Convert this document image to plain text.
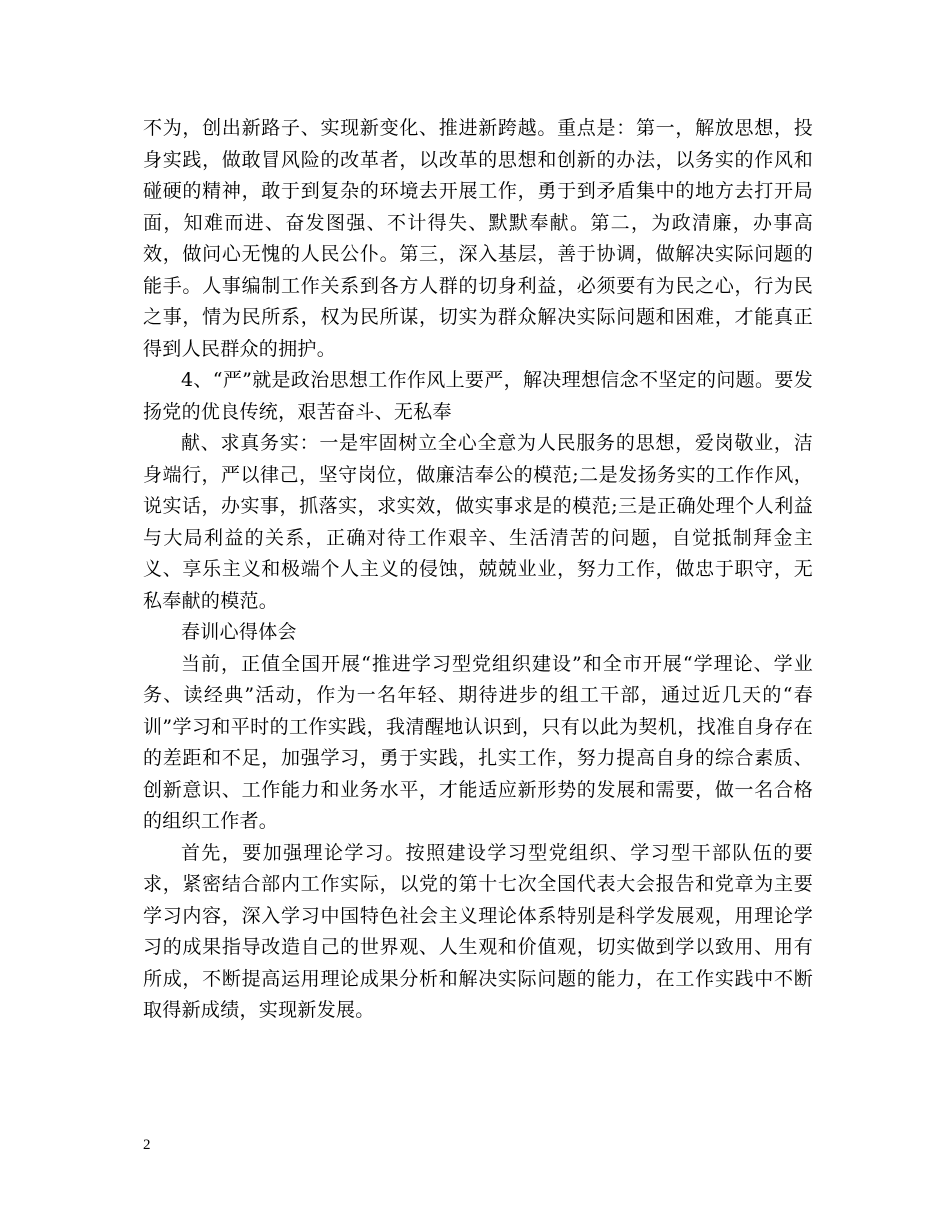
不为，创出新路子、实现新变化、推进新跨越。重点是：第一，解放思想，投身实践，做敢冒风险的改革者，以改革的思想和创新的办法，以务实的作风和碰硬的精神，敢于到复杂的环境去开展工作，勇于到矛盾集中的地方去打开局面，知难而进、奋发图强、不计得失、默默奉献。第二，为政清廉，办事高效，做问心无愧的人民公仆。第三，深入基层，善于协调，做解决实际问题的能手。人事编制工作关系到各方人群的切身利益，必须要有为民之心，行为民之事，情为民所系，权为民所谋，切实为群众解决实际问题和困难，才能真正得到人民群众的拥护。

4、“严”就是政治思想工作作风上要严，解决理想信念不坚定的问题。要发扬党的优良传统，艰苦奋斗、无私奉

献、求真务实：一是牢固树立全心全意为人民服务的思想，爱岗敬业，洁身端行，严以律己，坚守岗位，做廉洁奉公的模范;二是发扬务实的工作作风，说实话，办实事，抓落实，求实效，做实事求是的模范;三是正确处理个人利益与大局利益的关系，正确对待工作艰辛、生活清苦的问题，自觉抵制拜金主义、享乐主义和极端个人主义的侵蚀，兢兢业业，努力工作，做忠于职守，无私奉献的模范。

春训心得体会

当前，正值全国开展“推进学习型党组织建设”和全市开展“学理论、学业务、读经典”活动，作为一名年轻、期待进步的组工干部，通过近几天的“春训”学习和平时的工作实践，我清醒地认识到，只有以此为契机，找准自身存在的差距和不足，加强学习，勇于实践，扎实工作，努力提高自身的综合素质、创新意识、工作能力和业务水平，才能适应新形势的发展和需要，做一名合格的组织工作者。

首先，要加强理论学习。按照建设学习型党组织、学习型干部队伍的要求，紧密结合部内工作实际，以党的第十七次全国代表大会报告和党章为主要学习内容，深入学习中国特色社会主义理论体系特别是科学发展观，用理论学习的成果指导改造自己的世界观、人生观和价值观，切实做到学以致用、用有所成，不断提高运用理论成果分析和解决实际问题的能力，在工作实践中不断取得新成绩，实现新发展。

2
